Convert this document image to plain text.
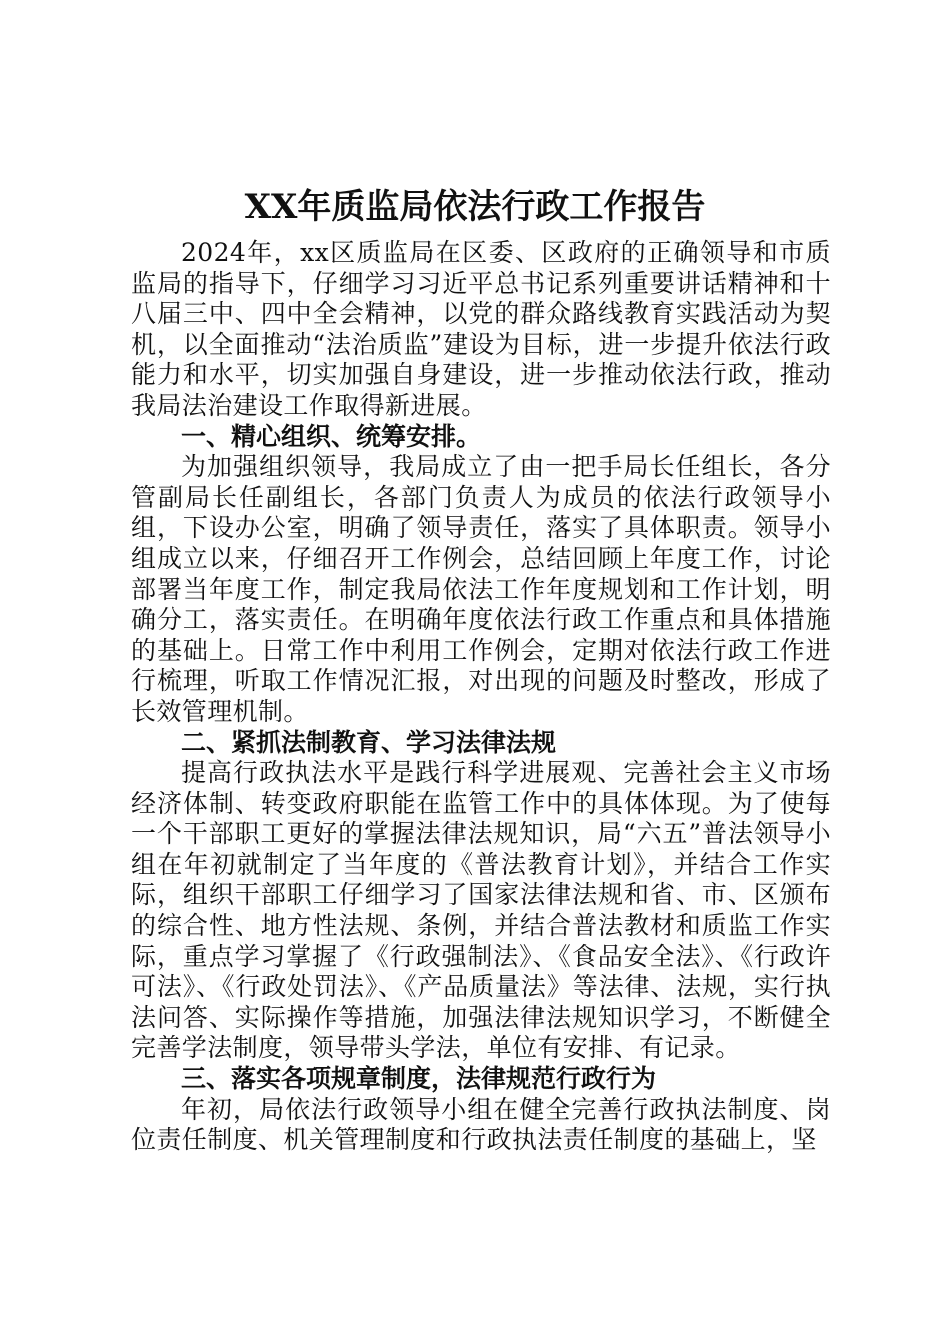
XX年质监局依法行政工作报告

2024年，xx区质监局在区委、区政府的正确领导和市质监局的指导下，仔细学习习近平总书记系列重要讲话精神和十八届三中、四中全会精神，以党的群众路线教育实践活动为契机，以全面推动“法治质监”建设为目标，进一步提升依法行政能力和水平，切实加强自身建设，进一步推动依法行政，推动我局法治建设工作取得新进展。

一、精心组织、统筹安排。

为加强组织领导，我局成立了由一把手局长任组长，各分管副局长任副组长，各部门负责人为成员的依法行政领导小组，下设办公室，明确了领导责任，落实了具体职责。领导小组成立以来，仔细召开工作例会，总结回顾上年度工作，讨论部署当年度工作，制定我局依法工作年度规划和工作计划，明确分工，落实责任。在明确年度依法行政工作重点和具体措施的基础上。日常工作中利用工作例会，定期对依法行政工作进行梳理，听取工作情况汇报，对出现的问题及时整改，形成了长效管理机制。

二、紧抓法制教育、学习法律法规

提高行政执法水平是践行科学进展观、完善社会主义市场经济体制、转变政府职能在监管工作中的具体体现。为了使每一个干部职工更好的掌握法律法规知识，局“六五”普法领导小组在年初就制定了当年度的《普法教育计划》，并结合工作实际，组织干部职工仔细学习了国家法律法规和省、市、区颁布的综合性、地方性法规、条例，并结合普法教材和质监工作实际，重点学习掌握了《行政强制法》、《食品安全法》、《行政许可法》、《行政处罚法》、《产品质量法》等法律、法规，实行执法问答、实际操作等措施，加强法律法规知识学习，不断健全完善学法制度，领导带头学法，单位有安排、有记录。

三、落实各项规章制度，法律规范行政行为

年初，局依法行政领导小组在健全完善行政执法制度、岗位责任制度、机关管理制度和行政执法责任制度的基础上，坚
